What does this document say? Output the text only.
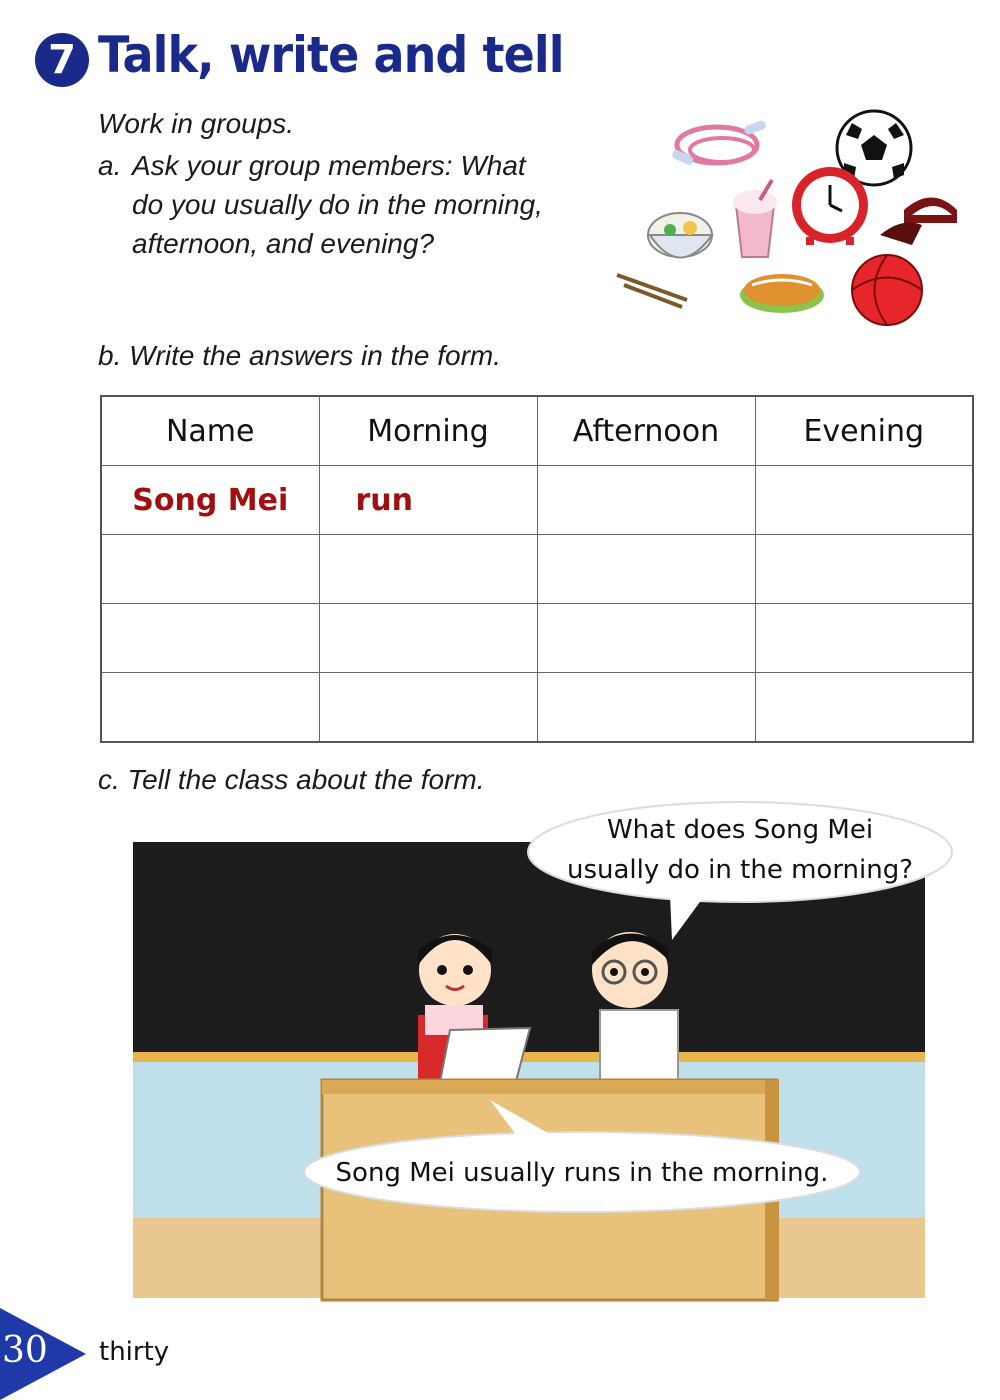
7 Talk, write and tell
Work in groups.
a. Ask your group members: What
do you usually do in the morning,
afternoon, and evening?
b. Write the answers in the form.
Name	Morning	Afternoon	Evening
Song Mei	run		

c. Tell the class about the form.
What does Song Mei
usually do in the morning?
Song Mei usually runs in the morning.
30 thirty
